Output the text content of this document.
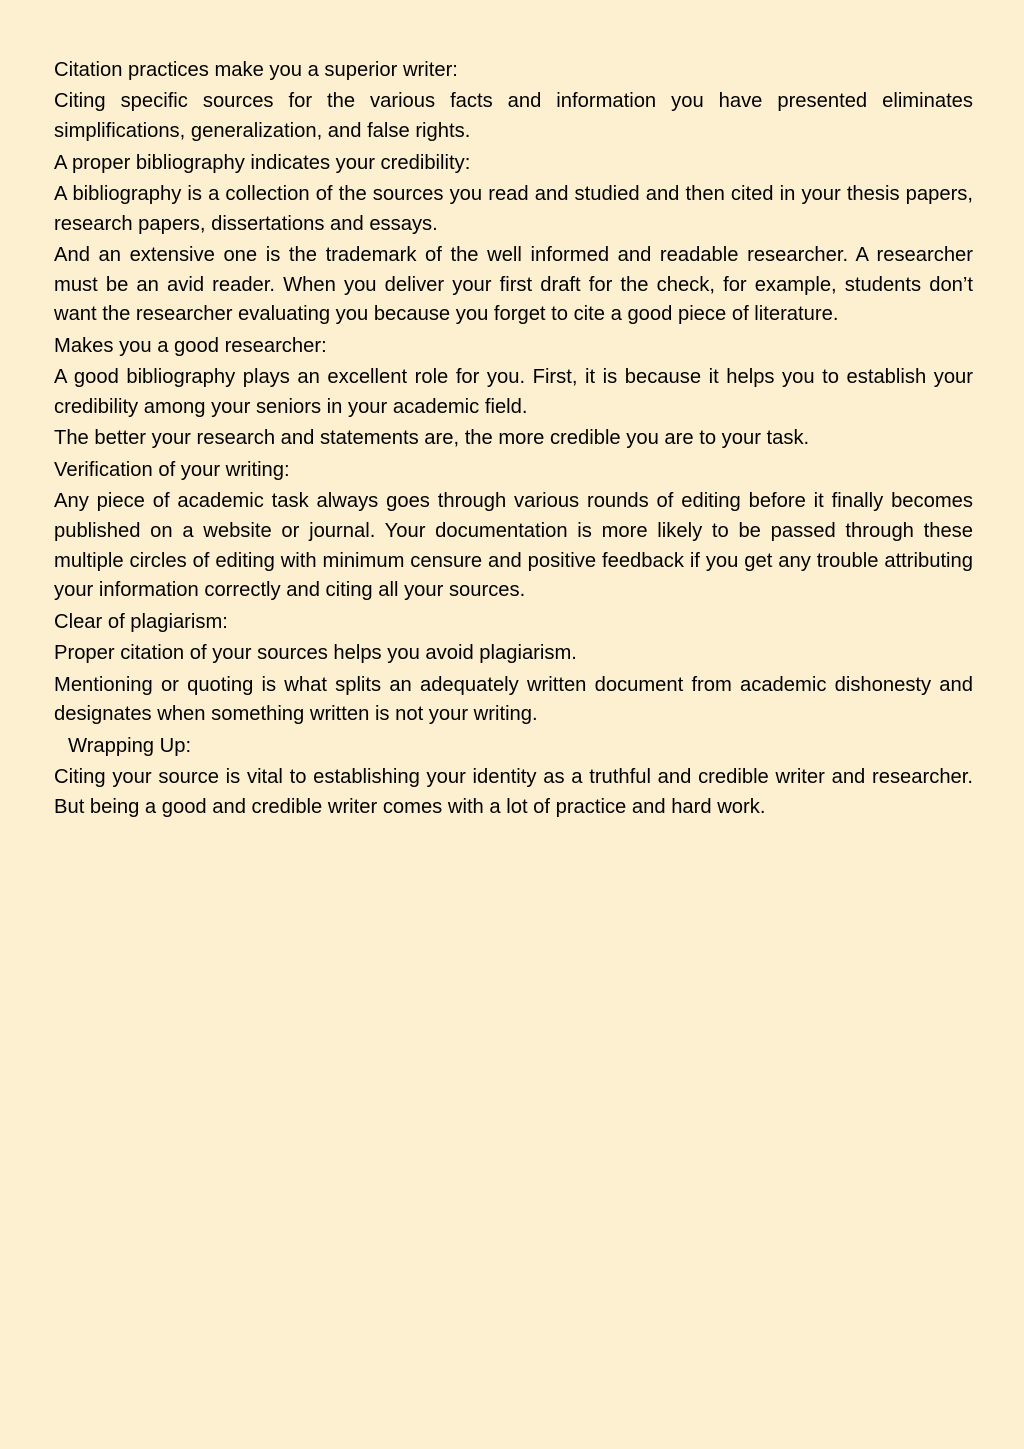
Citation practices make you a superior writer:

Citing specific sources for the various facts and information you have presented eliminates simplifications, generalization, and false rights.

A proper bibliography indicates your credibility:

A bibliography is a collection of the sources you read and studied and then cited in your thesis papers, research papers, dissertations and essays.

And an extensive one is the trademark of the well informed and readable researcher. A researcher must be an avid reader. When you deliver your first draft for the check, for example, students don’t want the researcher evaluating you because you forget to cite a good piece of literature.

Makes you a good researcher:

A good bibliography plays an excellent role for you. First, it is because it helps you to establish your credibility among your seniors in your academic field.

The better your research and statements are, the more credible you are to your task.

Verification of your writing:

Any piece of academic task always goes through various rounds of editing before it finally becomes published on a website or journal. Your documentation is more likely to be passed through these multiple circles of editing with minimum censure and positive feedback if you get any trouble attributing your information correctly and citing all your sources.

Clear of plagiarism:

Proper citation of your sources helps you avoid plagiarism.

Mentioning or quoting is what splits an adequately written document from academic dishonesty and designates when something written is not your writing.

Wrapping Up:

Citing your source is vital to establishing your identity as a truthful and credible writer and researcher. But being a good and credible writer comes with a lot of practice and hard work.
